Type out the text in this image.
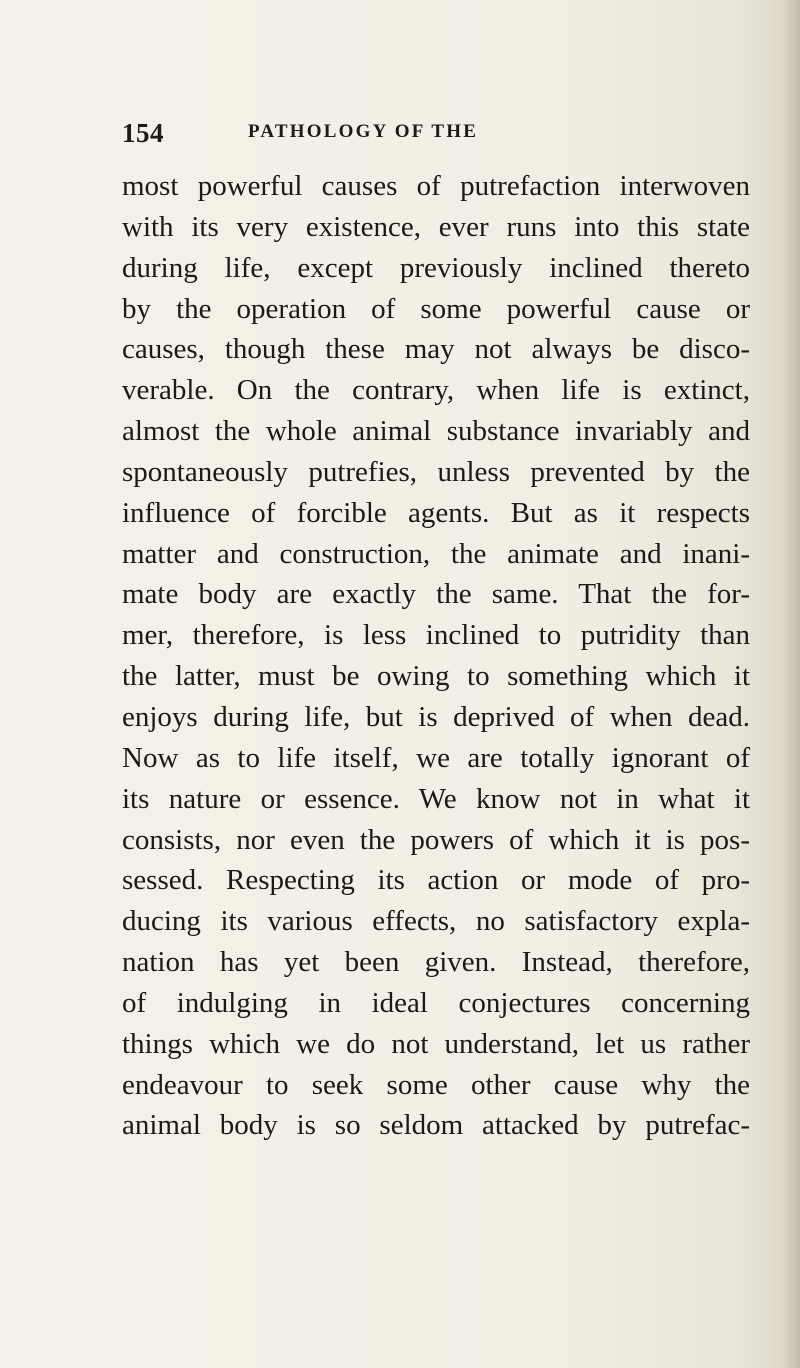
154	PATHOLOGY OF THE
most powerful causes of putrefaction interwoven
with its very existence, ever runs into this state
during life, except previously inclined thereto
by the operation of some powerful cause or
causes, though these may not always be disco-
verable. On the contrary, when life is extinct,
almost the whole animal substance invariably and
spontaneously putrefies, unless prevented by the
influence of forcible agents. But as it respects
matter and construction, the animate and inani-
mate body are exactly the same. That the for-
mer, therefore, is less inclined to putridity than
the latter, must be owing to something which it
enjoys during life, but is deprived of when dead.
Now as to life itself, we are totally ignorant of
its nature or essence. We know not in what it
consists, nor even the powers of which it is pos-
sessed. Respecting its action or mode of pro-
ducing its various effects, no satisfactory expla-
nation has yet been given. Instead, therefore,
of indulging in ideal conjectures concerning
things which we do not understand, let us rather
endeavour to seek some other cause why the
animal body is so seldom attacked by putrefac-
